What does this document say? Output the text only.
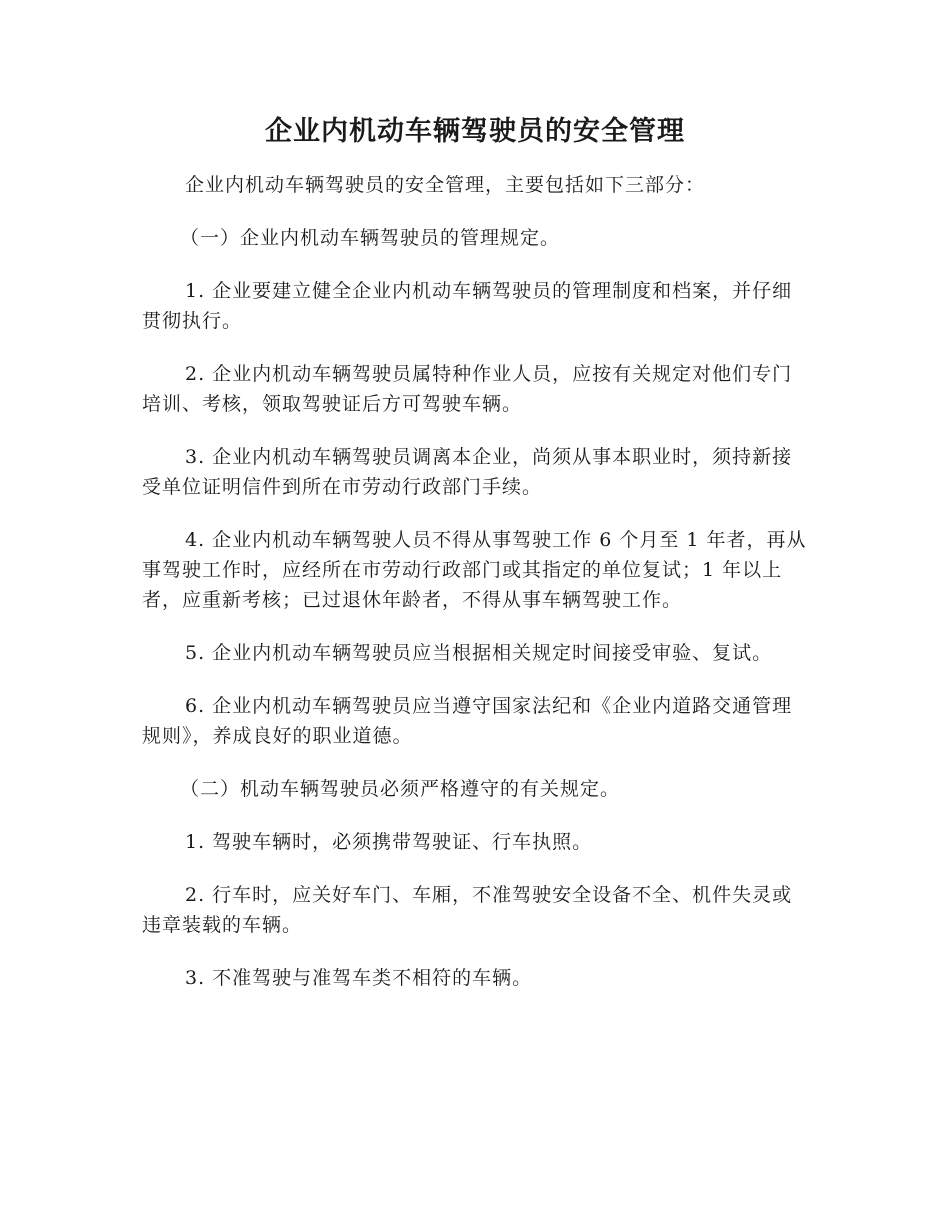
企业内机动车辆驾驶员的安全管理

企业内机动车辆驾驶员的安全管理，主要包括如下三部分：

（一）企业内机动车辆驾驶员的管理规定。

1. 企业要建立健全企业内机动车辆驾驶员的管理制度和档案，并仔细贯彻执行。

2. 企业内机动车辆驾驶员属特种作业人员，应按有关规定对他们专门培训、考核，领取驾驶证后方可驾驶车辆。

3. 企业内机动车辆驾驶员调离本企业，尚须从事本职业时，须持新接受单位证明信件到所在市劳动行政部门手续。

4. 企业内机动车辆驾驶人员不得从事驾驶工作 6 个月至 1 年者，再从事驾驶工作时，应经所在市劳动行政部门或其指定的单位复试；1 年以上者，应重新考核；已过退休年龄者，不得从事车辆驾驶工作。

5. 企业内机动车辆驾驶员应当根据相关规定时间接受审验、复试。

6. 企业内机动车辆驾驶员应当遵守国家法纪和《企业内道路交通管理规则》，养成良好的职业道德。

（二）机动车辆驾驶员必须严格遵守的有关规定。

1. 驾驶车辆时，必须携带驾驶证、行车执照。

2. 行车时，应关好车门、车厢，不准驾驶安全设备不全、机件失灵或违章装载的车辆。

3. 不准驾驶与准驾车类不相符的车辆。
